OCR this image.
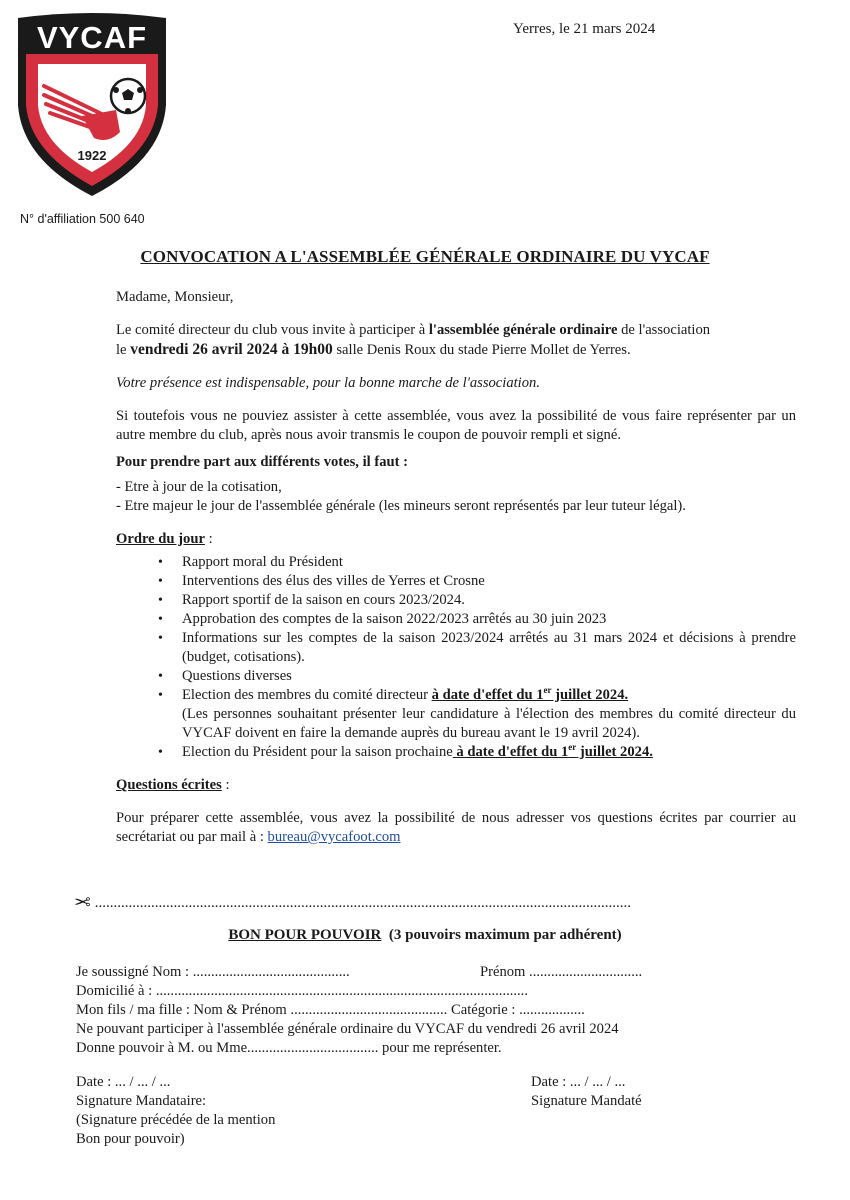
VYCAF
1922
N° d'affiliation 500 640
Yerres, le 21 mars 2024
CONVOCATION A L'ASSEMBLÉE GÉNÉRALE ORDINAIRE DU VYCAF

Madame, Monsieur,

Le comité directeur du club vous invite à participer à l'assemblée générale ordinaire de l'association
le vendredi 26 avril 2024 à 19h00 salle Denis Roux du stade Pierre Mollet de Yerres.

Votre présence est indispensable, pour la bonne marche de l'association.

Si toutefois vous ne pouviez assister à cette assemblée, vous avez la possibilité de vous faire représenter par un autre membre du club, après nous avoir transmis le coupon de pouvoir rempli et signé.

Pour prendre part aux différents votes, il faut :

- Etre à jour de la cotisation,

- Etre majeur le jour de l'assemblée générale (les mineurs seront représentés par leur tuteur légal).

Ordre du jour :

• Rapport moral du Président
• Interventions des élus des villes de Yerres et Crosne
• Rapport sportif de la saison en cours 2023/2024.
• Approbation des comptes de la saison 2022/2023 arrêtés au 30 juin 2023
• Informations sur les comptes de la saison 2023/2024 arrêtés au 31 mars 2024 et décisions à prendre (budget, cotisations).
• Questions diverses
• Election des membres du comité directeur à date d'effet du 1er juillet 2024.
(Les personnes souhaitant présenter leur candidature à l'élection des membres du comité directeur du VYCAF doivent en faire la demande auprès du bureau avant le 19 avril 2024).
• Election du Président pour la saison prochaine à date d'effet du 1er juillet 2024.

Questions écrites :

Pour préparer cette assemblée, vous avez la possibilité de nous adresser vos questions écrites par courrier au secrétariat ou par mail à : bureau@vycafoot.com

✂ ...............................................................................................................................................
BON POUR POUVOIR (3 pouvoirs maximum par adhérent)
Je soussigné Nom : ...........................................	Prénom ...............................
Domicilié à : ......................................................................................................
Mon fils / ma fille : Nom & Prénom ........................................... Catégorie : ..................
Ne pouvant participer à l'assemblée générale ordinaire du VYCAF du vendredi 26 avril 2024
Donne pouvoir à M. ou Mme.................................... pour me représenter.
Date : ... / ... / ...
Signature Mandataire:
(Signature précédée de la mention
Bon pour pouvoir)
Date : ... / ... / ...
Signature Mandaté
